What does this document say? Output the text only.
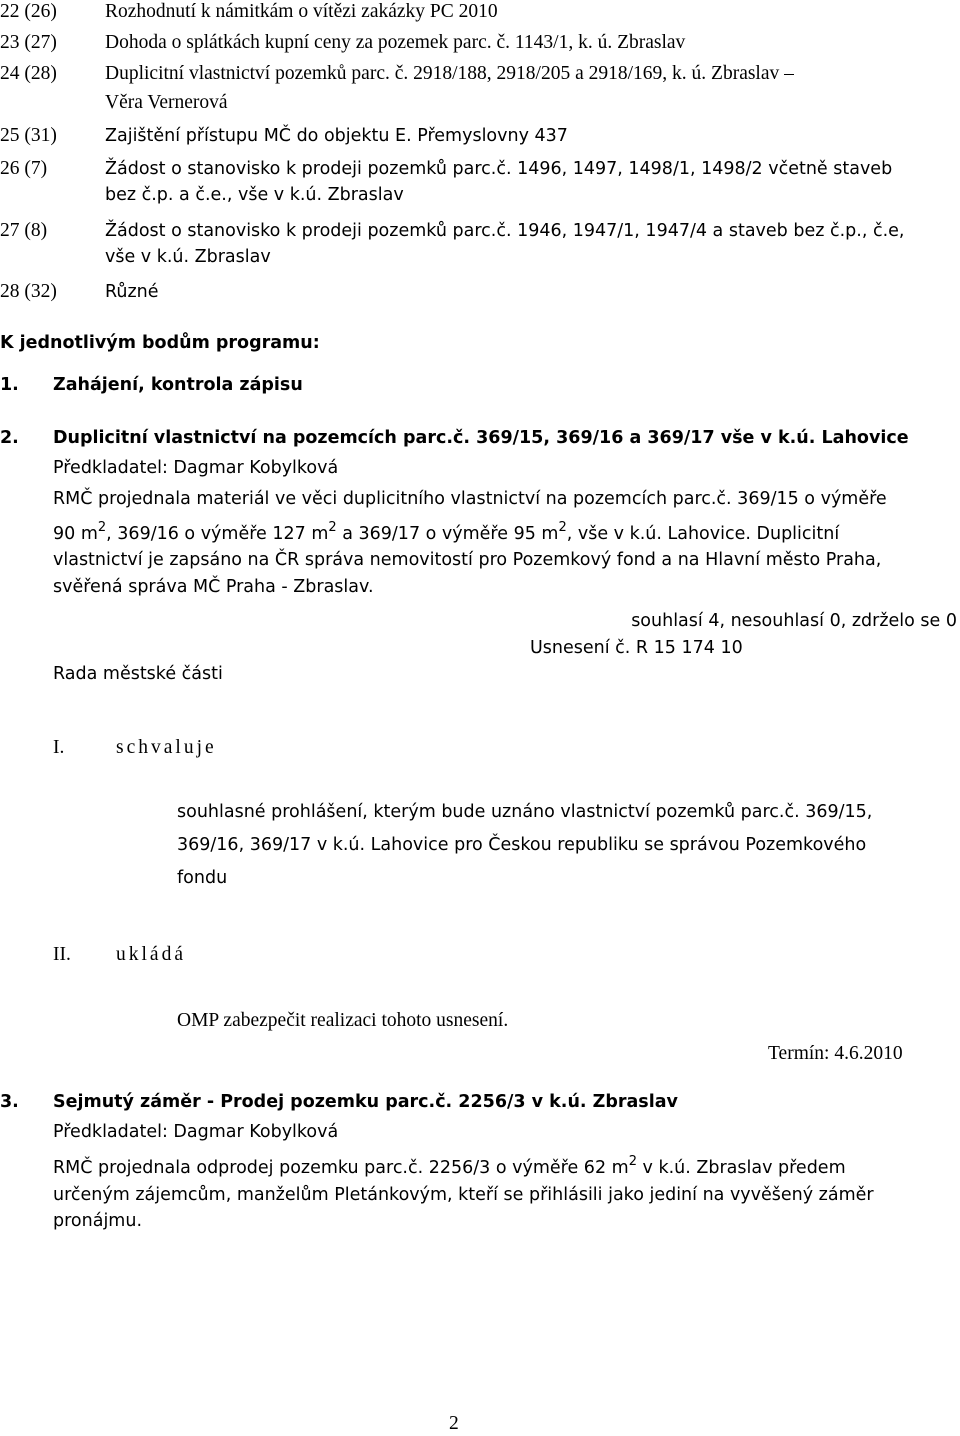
22 (26) Rozhodnutí k námitkám o vítězi zakázky PC 2010
23 (27) Dohoda o splátkách kupní ceny za pozemek parc. č. 1143/1, k. ú. Zbraslav
24 (28) Duplicitní vlastnictví pozemků parc. č. 2918/188, 2918/205 a 2918/169, k. ú. Zbraslav –
Věra Vernerová
25 (31)	Zajištění přístupu MČ do objektu E. Přemyslovny 437
26 (7)	Žádost o stanovisko k prodeji pozemků parc.č. 1496, 1497, 1498/1, 1498/2 včetně staveb
bez č.p. a č.e., vše v k.ú. Zbraslav
27 (8)	Žádost o stanovisko k prodeji pozemků parc.č. 1946, 1947/1, 1947/4 a staveb bez č.p., č.e,
vše v k.ú. Zbraslav
28 (32)	Různé
K jednotlivým bodům programu:
1. Zahájení, kontrola zápisu
2. Duplicitní vlastnictví na pozemcích parc.č. 369/15, 369/16 a 369/17 vše v k.ú. Lahovice
Předkladatel: Dagmar Kobylková
RMČ projednala materiál ve věci duplicitního vlastnictví na pozemcích parc.č. 369/15 o výměře
90 $m^2$, 369/16 o výměře 127 $m^2$ a 369/17 o výměře 95 $m^2$, vše v k.ú. Lahovice. Duplicitní
vlastnictví je zapsáno na ČR správa nemovitostí pro Pozemkový fond a na Hlavní město Praha,
svěřená správa MČ Praha - Zbraslav.
souhlasí 4, nesouhlasí 0, zdrželo se 0
Usnesení č. R 15 174 10
Rada městské části
I.	schvaluje
souhlasné prohlášení, kterým bude uznáno vlastnictví pozemků parc.č. 369/15,
369/16, 369/17 v k.ú. Lahovice pro Českou republiku se správou Pozemkového
fondu
II. ukládá
OMP zabezpečit realizaci tohoto usnesení.
Termín: 4.6.2010
3. Sejmutý záměr - Prodej pozemku parc.č. 2256/3 v k.ú. Zbraslav
Předkladatel: Dagmar Kobylková
RMČ projednala odprodej pozemku parc.č. 2256/3 o výměře 62 $m^2$ v k.ú. Zbraslav předem
určeným zájemcům, manželům Pletánkovým, kteří se přihlásili jako jediní na vyvěšený záměr
pronájmu.
2
